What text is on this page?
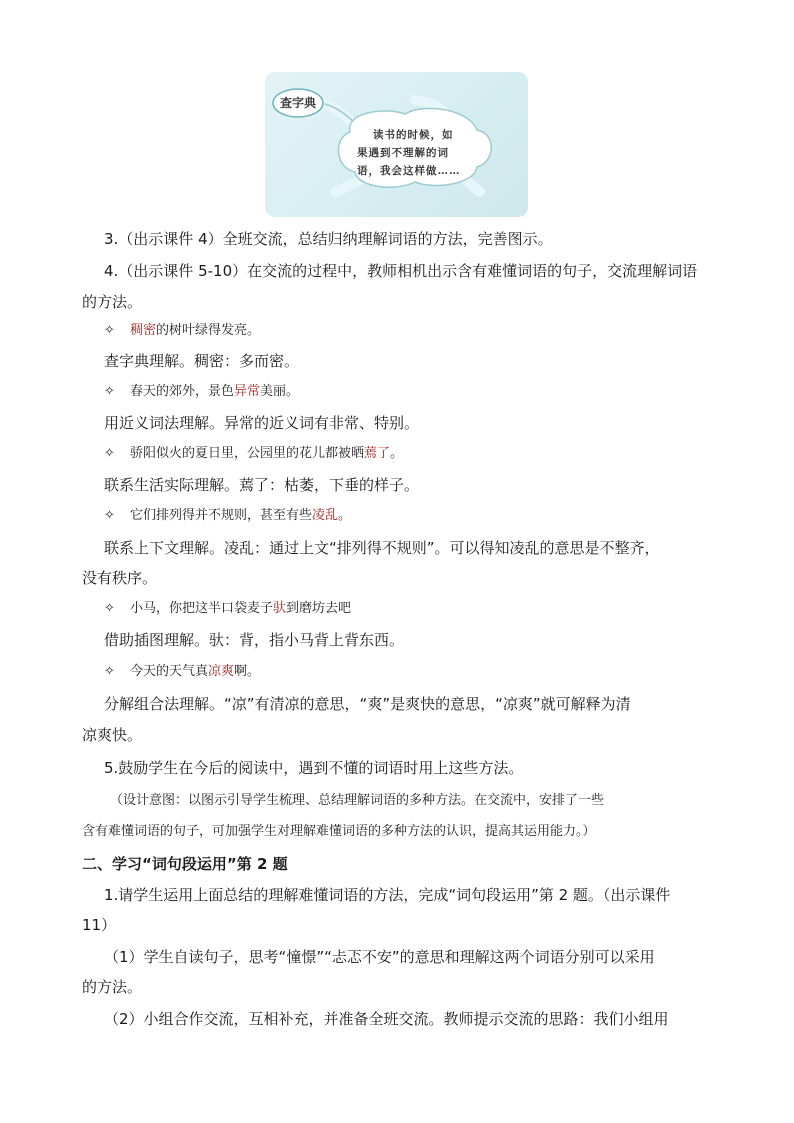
查字典
读书的时候，如
果遇到不理解的词
语，我会这样做……
3.（出示课件 4）全班交流，总结归纳理解词语的方法，完善图示。
4.（出示课件 5-10）在交流的过程中，教师相机出示含有难懂词语的句子，交流理解词语
的方法。
✧ 稠密的树叶绿得发亮。
查字典理解。稠密：多而密。
✧ 春天的郊外，景色异常美丽。
用近义词法理解。异常的近义词有非常、特别。
✧ 骄阳似火的夏日里，公园里的花儿都被晒蔫了。
联系生活实际理解。蔫了：枯萎，下垂的样子。
✧ 它们排列得并不规则，甚至有些凌乱。
联系上下文理解。凌乱：通过上文“排列得不规则”。可以得知凌乱的意思是不整齐，
没有秩序。
✧ 小马，你把这半口袋麦子驮到磨坊去吧
借助插图理解。驮：背，指小马背上背东西。
✧ 今天的天气真凉爽啊。
分解组合法理解。“凉”有清凉的意思，“爽”是爽快的意思，“凉爽”就可解释为清
凉爽快。
5.鼓励学生在今后的阅读中，遇到不懂的词语时用上这些方法。
（设计意图：以图示引导学生梳理、总结理解词语的多种方法。在交流中，安排了一些
含有难懂词语的句子，可加强学生对理解难懂词语的多种方法的认识，提高其运用能力。）
二、学习“词句段运用”第 2 题
1.请学生运用上面总结的理解难懂词语的方法，完成“词句段运用”第 2 题。（出示课件
11）
（1）学生自读句子，思考“憧憬”“忐忑不安”的意思和理解这两个词语分别可以采用
的方法。
（2）小组合作交流，互相补充，并准备全班交流。教师提示交流的思路：我们小组用
